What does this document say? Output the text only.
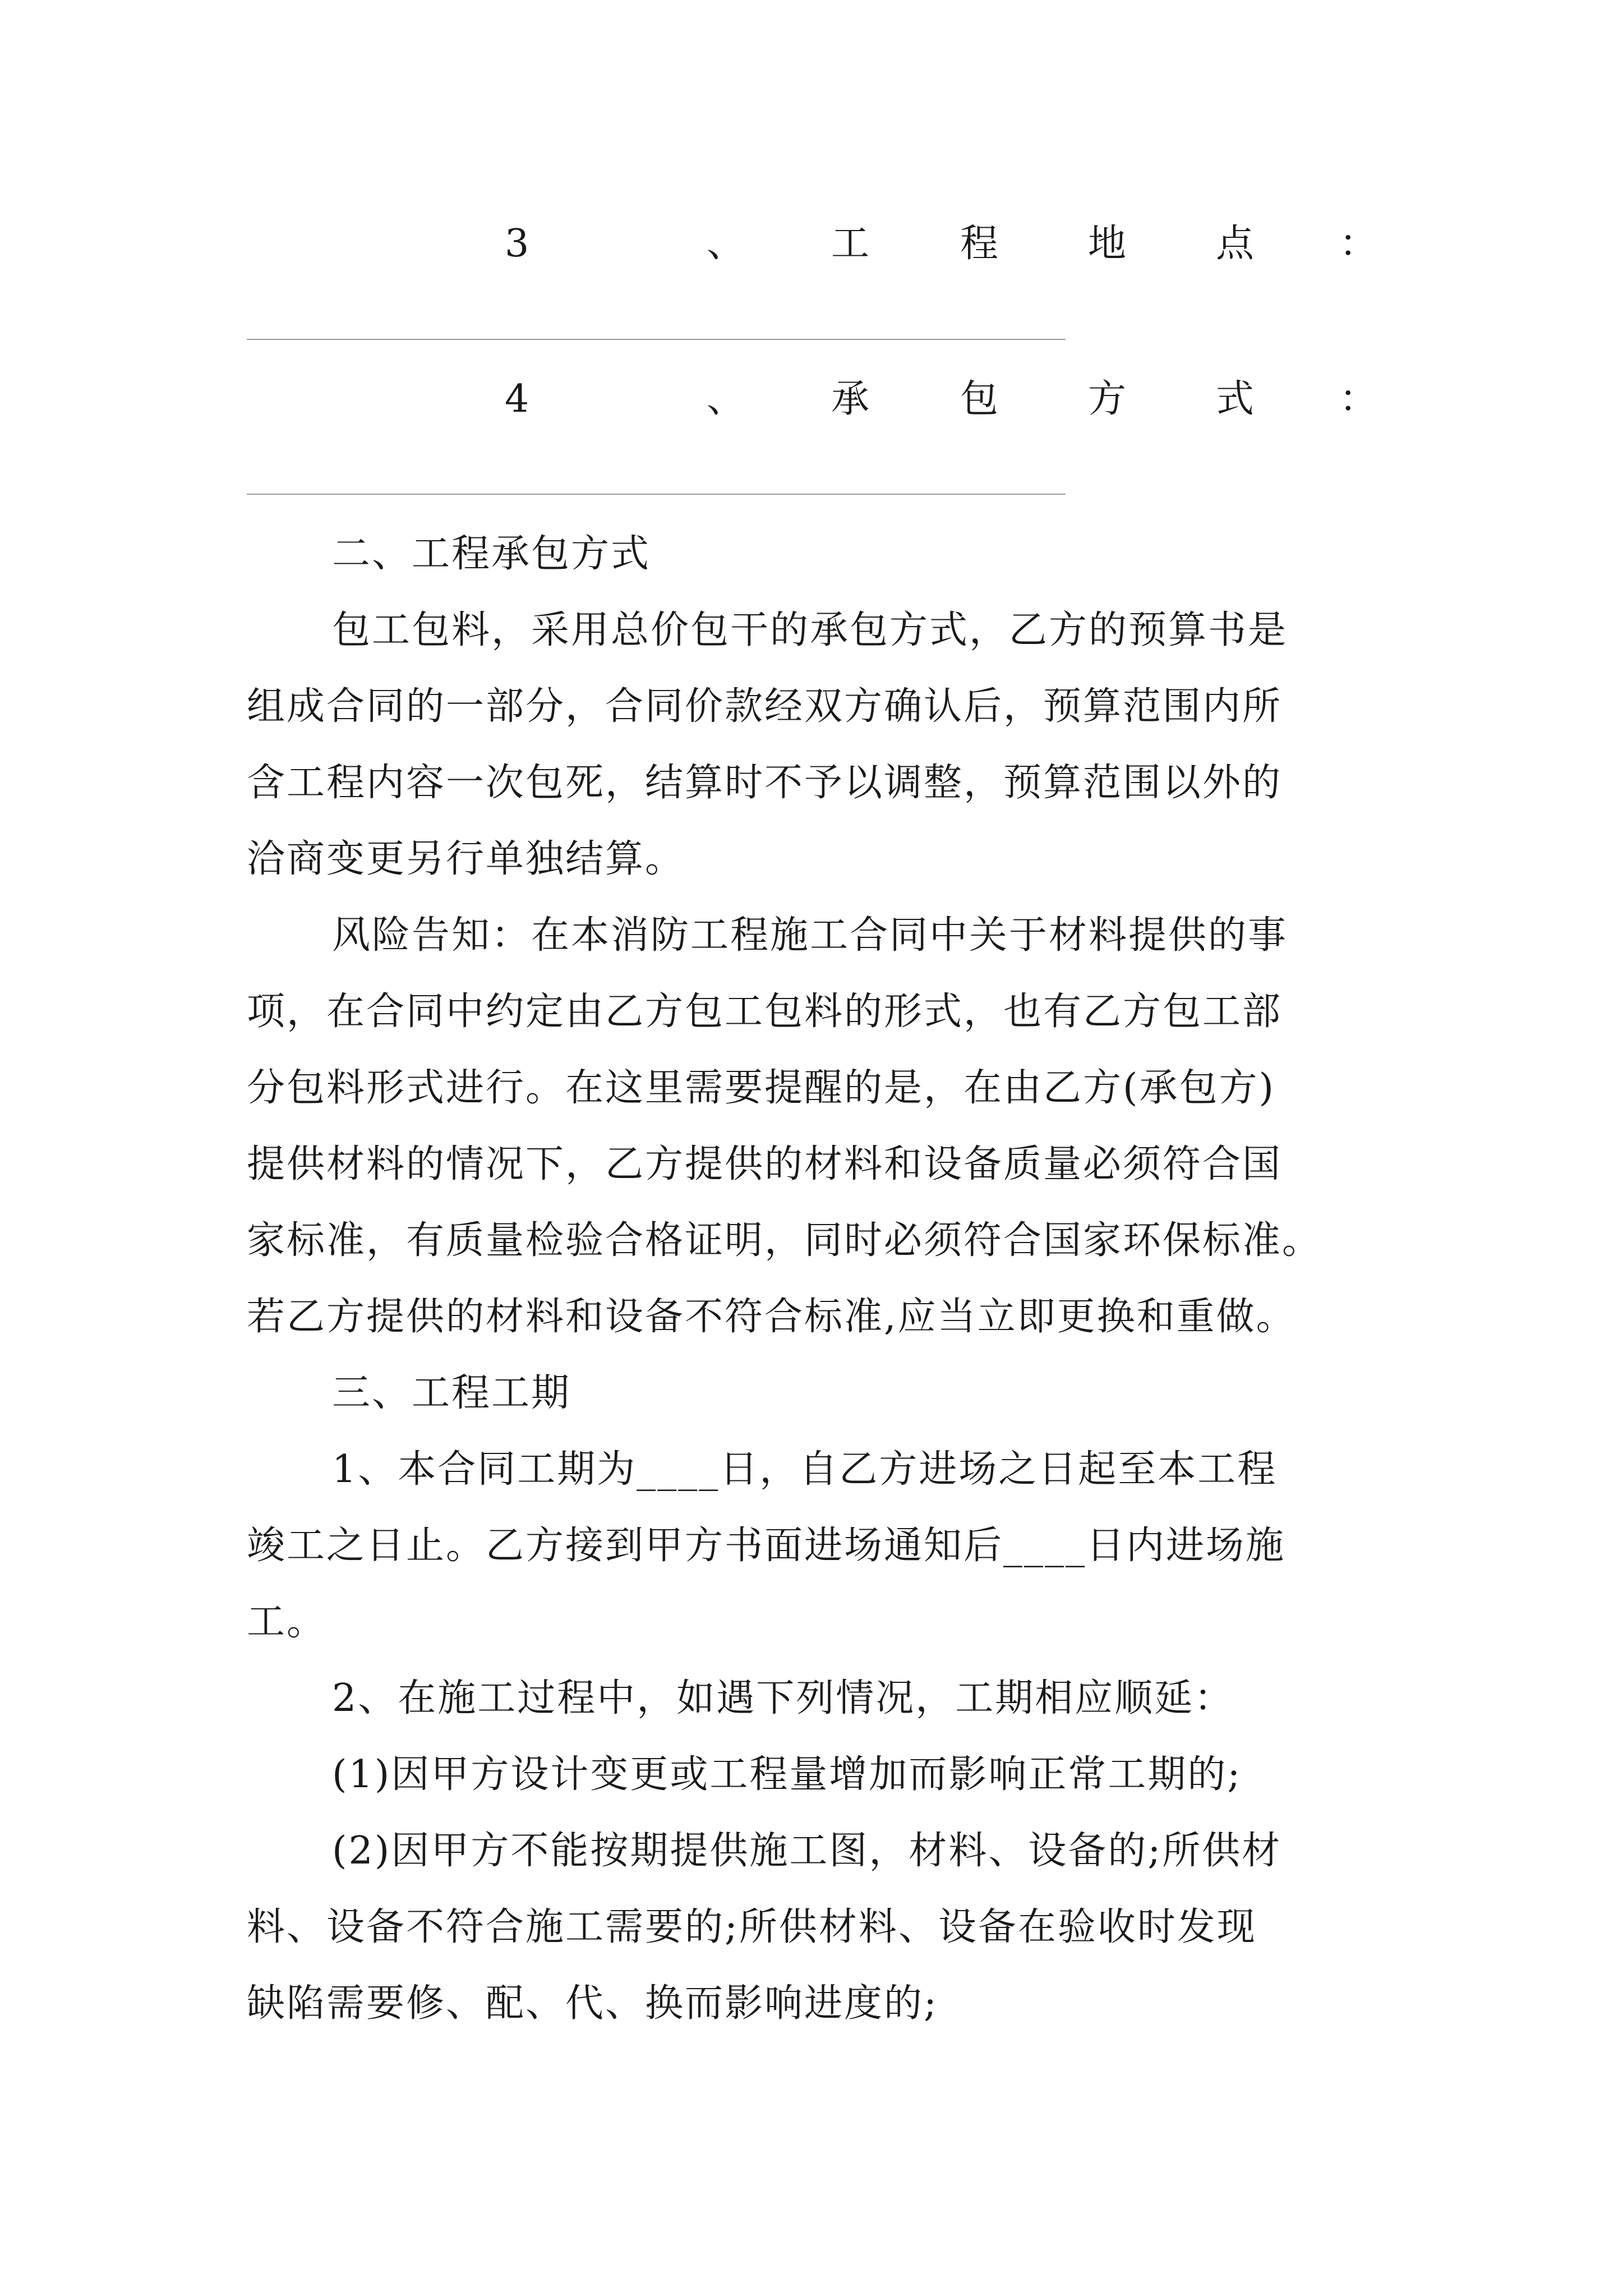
3	、 工 程 地 点 ：
4	、 承 包 方 式 ：
二、工程承包方式
包工包料，采用总价包干的承包方式，乙方的预算书是
组成合同的一部分，合同价款经双方确认后，预算范围内所
含工程内容一次包死，结算时不予以调整，预算范围以外的
洽商变更另行单独结算。
风险告知：在本消防工程施工合同中关于材料提供的事
项，在合同中约定由乙方包工包料的形式，也有乙方包工部
分包料形式进行。在这里需要提醒的是，在由乙方(承包方)
提供材料的情况下，乙方提供的材料和设备质量必须符合国
家标准，有质量检验合格证明，同时必须符合国家环保标准。
若乙方提供的材料和设备不符合标准,应当立即更换和重做。
三、工程工期
1、本合同工期为____日，自乙方进场之日起至本工程
竣工之日止。乙方接到甲方书面进场通知后____日内进场施
工。
2、在施工过程中，如遇下列情况，工期相应顺延：
(1)因甲方设计变更或工程量增加而影响正常工期的;
(2)因甲方不能按期提供施工图，材料、设备的;所供材
料、设备不符合施工需要的;所供材料、设备在验收时发现
缺陷需要修、配、代、换而影响进度的;
